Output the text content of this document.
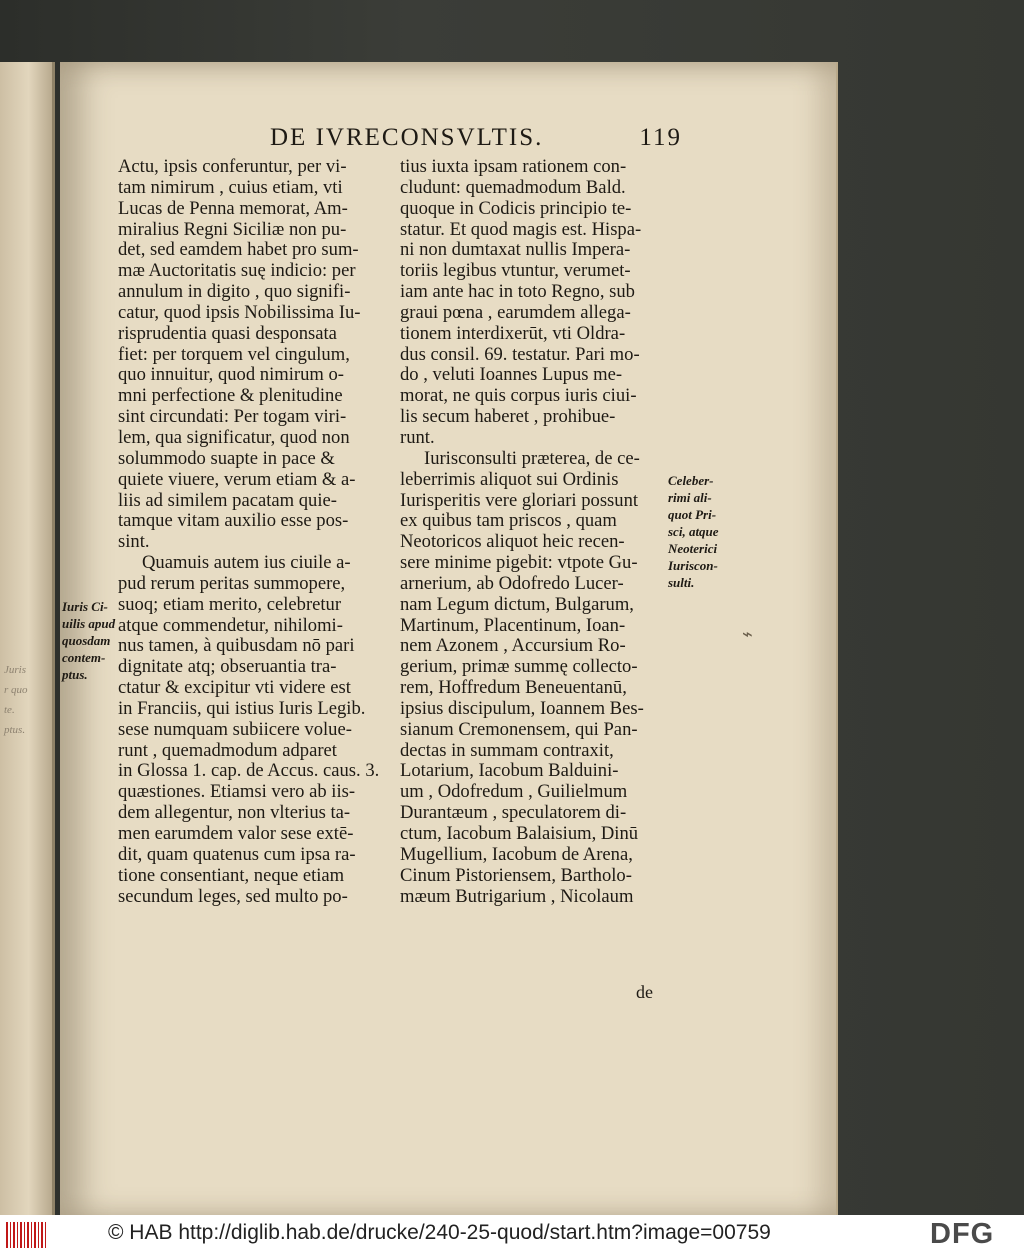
Juris
r quo
te.
ptus.
DE IVRECONSVLTIS.	119
Actu, ipsis conferuntur, per vi-
tam nimirum , cuius etiam, vti
Lucas de Penna memorat, Am-
miralius Regni Siciliæ non pu-
det, sed eamdem habet pro sum-
mæ Auctoritatis suę indicio: per
annulum in digito , quo signifi-
catur, quod ipsis Nobilissima Iu-
risprudentia quasi desponsata
fiet: per torquem vel cingulum,
quo innuitur, quod nimirum o-
mni perfectione & plenitudine
sint circundati: Per togam viri-
lem, qua significatur, quod non
solummodo suapte in pace &
quiete viuere, verum etiam & a-
liis ad similem pacatam quie-
tamque vitam auxilio esse pos-
sint.
Quamuis autem ius ciuile a-
pud rerum peritas summopere,
suoq; etiam merito, celebretur
atque commendetur, nihilomi-
nus tamen, à quibusdam nō pari
dignitate atq; obseruantia tra-
ctatur & excipitur vti videre est
in Franciis, qui istius Iuris Legib.
sese numquam subiicere volue-
runt , quemadmodum adparet
in Glossa 1. cap. de Accus. caus. 3.
quæstiones. Etiamsi vero ab iis-
dem allegentur, non vlterius ta-
men earumdem valor sese extē-
dit, quam quatenus cum ipsa ra-
tione consentiant, neque etiam
secundum leges, sed multo po-
tius iuxta ipsam rationem con-
cludunt: quemadmodum Bald.
quoque in Codicis principio te-
statur. Et quod magis est. Hispa-
ni non dumtaxat nullis Impera-
toriis legibus vtuntur, verumet-
iam ante hac in toto Regno, sub
graui pœna , earumdem allega-
tionem interdixerūt, vti Oldra-
dus consil. 69. testatur. Pari mo-
do , veluti Ioannes Lupus me-
morat, ne quis corpus iuris ciui-
lis secum haberet , prohibue-
runt.
Iurisconsulti præterea, de ce-
leberrimis aliquot sui Ordinis
Iurisperitis vere gloriari possunt
ex quibus tam priscos , quam
Neotoricos aliquot heic recen-
sere minime pigebit: vtpote Gu-
arnerium, ab Odofredo Lucer-
nam Legum dictum, Bulgarum,
Martinum, Placentinum, Ioan-
nem Azonem , Accursium Ro-
gerium, primæ summę collecto-
rem, Hoffredum Beneuentanū,
ipsius discipulum, Ioannem Bes-
sianum Cremonensem, qui Pan-
dectas in summam contraxit,
Lotarium, Iacobum Balduini-
um , Odofredum , Guilielmum
Durantæum , speculatorem di-
ctum, Iacobum Balaisium, Dinū
Mugellium, Iacobum de Arena,
Cinum Pistoriensem, Bartholo-
mæum Butrigarium , Nicolaum
Iuris Ci-
uilis apud
quosdam
contem-
ptus.
Celeber-
rimi ali-
quot Pri-
sci, atque
Neoterici
Iuriscon-
sulti.
de
⌁
© HAB http://diglib.hab.de/drucke/240-25-quod/start.htm?image=00759	DFG
